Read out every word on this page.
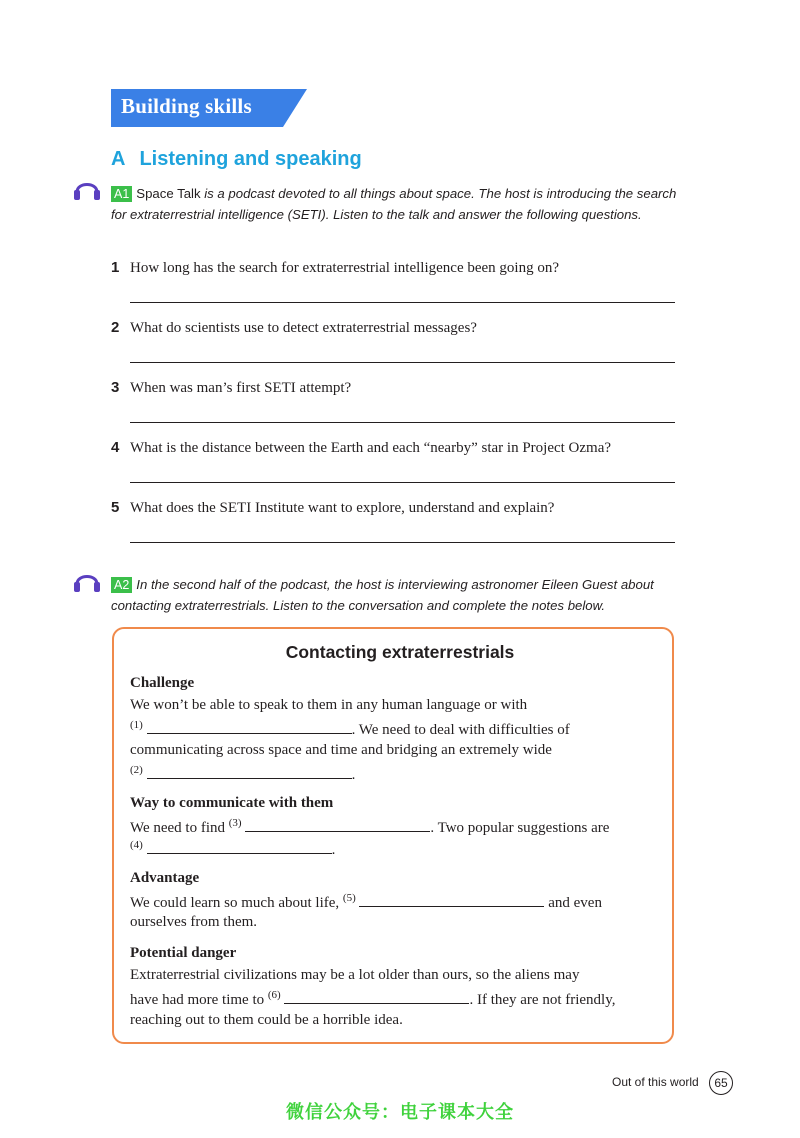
Building skills
A Listening and speaking
A1 Space Talk is a podcast devoted to all things about space. The host is introducing the search for extraterrestrial intelligence (SETI). Listen to the talk and answer the following questions.
1 How long has the search for extraterrestrial intelligence been going on?
2 What do scientists use to detect extraterrestrial messages?
3 When was man’s first SETI attempt?
4 What is the distance between the Earth and each “nearby” star in Project Ozma?
5 What does the SETI Institute want to explore, understand and explain?
A2 In the second half of the podcast, the host is interviewing astronomer Eileen Guest about contacting extraterrestrials. Listen to the conversation and complete the notes below.
Contacting extraterrestrials
Challenge
We won’t be able to speak to them in any human language or with
$^{(1)}$	. We need to deal with difficulties of
communicating across space and time and bridging an extremely wide
$^{(2)}$	.
Way to communicate with them
We need to find $^{(3)}$	. Two popular suggestions are
$^{(4)}$	.
Advantage
We could learn so much about life, $^{(5)}$	and even
ourselves from them.
Potential danger
Extraterrestrial civilizations may be a lot older than ours, so the aliens may
have had more time to $^{(6)}$	. If they are not friendly,
reaching out to them could be a horrible idea.
Out of this world	65
微信公众号：电子课本大全
